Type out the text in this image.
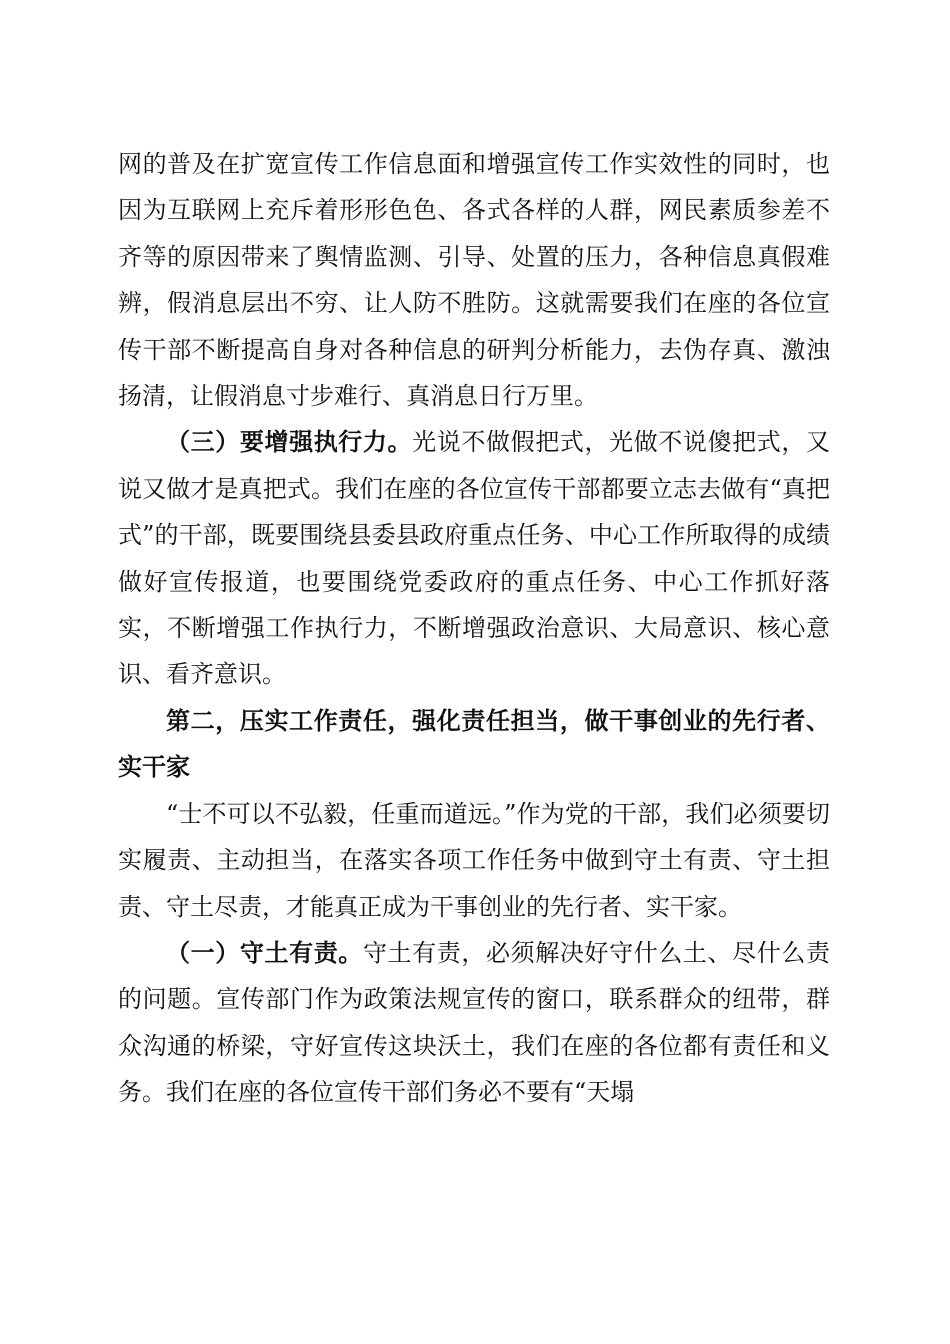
网的普及在扩宽宣传工作信息面和增强宣传工作实效性的同时，也因为互联网上充斥着形形色色、各式各样的人群，网民素质参差不齐等的原因带来了舆情监测、引导、处置的压力，各种信息真假难辨，假消息层出不穷、让人防不胜防。这就需要我们在座的各位宣传干部不断提高自身对各种信息的研判分析能力，去伪存真、激浊扬清，让假消息寸步难行、真消息日行万里。

（三）要增强执行力。光说不做假把式，光做不说傻把式，又说又做才是真把式。我们在座的各位宣传干部都要立志去做有“真把式”的干部，既要围绕县委县政府重点任务、中心工作所取得的成绩做好宣传报道，也要围绕党委政府的重点任务、中心工作抓好落实，不断增强工作执行力，不断增强政治意识、大局意识、核心意识、看齐意识。

第二，压实工作责任，强化责任担当，做干事创业的先行者、实干家

“士不可以不弘毅，任重而道远。”作为党的干部，我们必须要切实履责、主动担当，在落实各项工作任务中做到守土有责、守土担责、守土尽责，才能真正成为干事创业的先行者、实干家。

（一）守土有责。守土有责，必须解决好守什么土、尽什么责的问题。宣传部门作为政策法规宣传的窗口，联系群众的纽带，群众沟通的桥梁，守好宣传这块沃土，我们在座的各位都有责任和义务。我们在座的各位宣传干部们务必不要有“天塌
